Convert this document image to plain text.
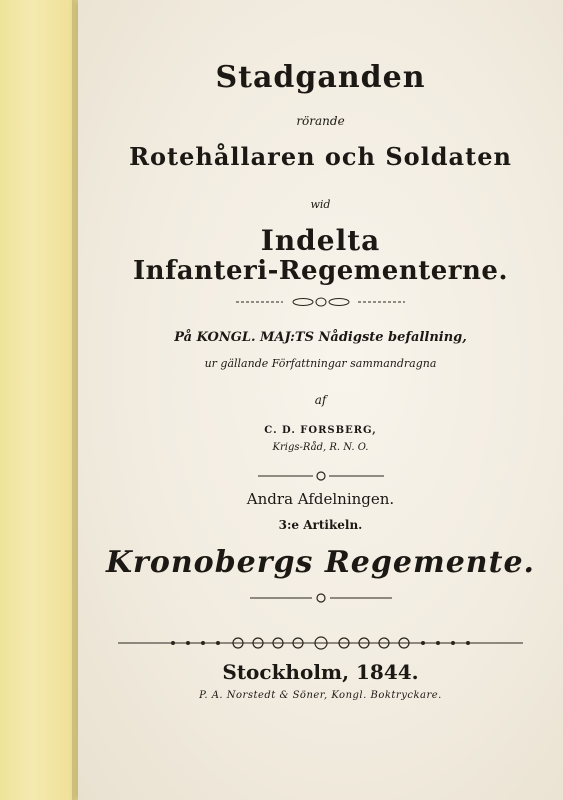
Stadganden
rörande
Rotehållaren och Soldaten
wid
Indelta
Infanteri-Regementerne.
På KONGL. MAJ:TS Nådigste befallning,
ur gällande Författningar sammandragna
af
C. D. FORSBERG,
Krigs-Råd, R. N. O.
Andra Afdelningen.
3:e Artikeln.
Kronobergs Regemente.
Stockholm, 1844.
P. A. Norstedt & Söner, Kongl. Boktryckare.
